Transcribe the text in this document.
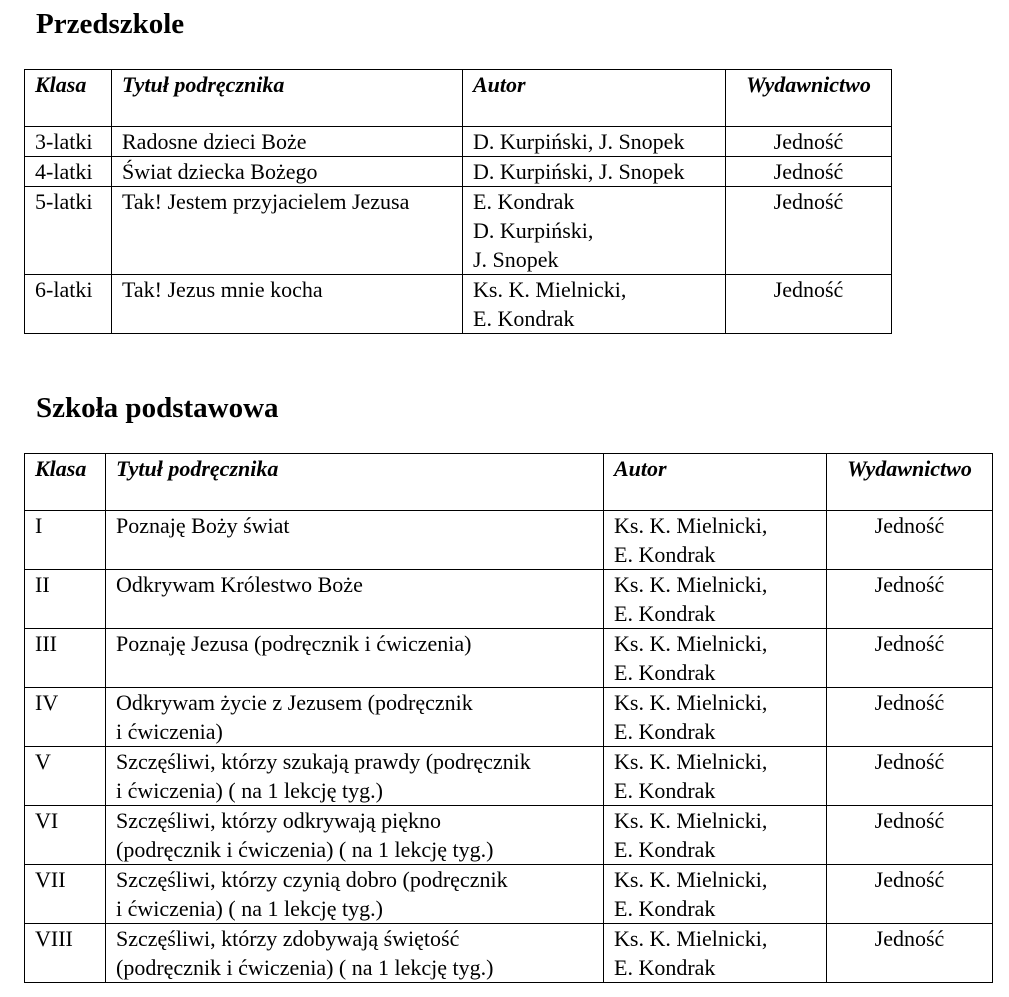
Przedszkole
Klasa	Tytuł podręcznika	Autor	Wydawnictwo
3-latki	Radosne dzieci Boże	D. Kurpiński, J. Snopek	Jedność
4-latki	Świat dziecka Bożego	D. Kurpiński, J. Snopek	Jedność
5-latki	Tak! Jestem przyjacielem Jezusa	E. Kondrak
D. Kurpiński,
J. Snopek	Jedność
6-latki	Tak! Jezus mnie kocha	Ks. K. Mielnicki,
E. Kondrak	Jedność
Szkoła podstawowa
Klasa	Tytuł podręcznika	Autor	Wydawnictwo
I	Poznaję Boży świat	Ks. K. Mielnicki,
E. Kondrak	Jedność
II	Odkrywam Królestwo Boże	Ks. K. Mielnicki,
E. Kondrak	Jedność
III	Poznaję Jezusa (podręcznik i ćwiczenia)	Ks. K. Mielnicki,
E. Kondrak	Jedność
IV	Odkrywam życie z Jezusem (podręcznik
i ćwiczenia)	Ks. K. Mielnicki,
E. Kondrak	Jedność
V	Szczęśliwi, którzy szukają prawdy (podręcznik
i ćwiczenia) ( na 1 lekcję tyg.)	Ks. K. Mielnicki,
E. Kondrak	Jedność
VI	Szczęśliwi, którzy odkrywają piękno
(podręcznik i ćwiczenia) ( na 1 lekcję tyg.)	Ks. K. Mielnicki,
E. Kondrak	Jedność
VII	Szczęśliwi, którzy czynią dobro (podręcznik
i ćwiczenia) ( na 1 lekcję tyg.)	Ks. K. Mielnicki,
E. Kondrak	Jedność
VIII	Szczęśliwi, którzy zdobywają świętość
(podręcznik i ćwiczenia) ( na 1 lekcję tyg.)	Ks. K. Mielnicki,
E. Kondrak	Jedność
